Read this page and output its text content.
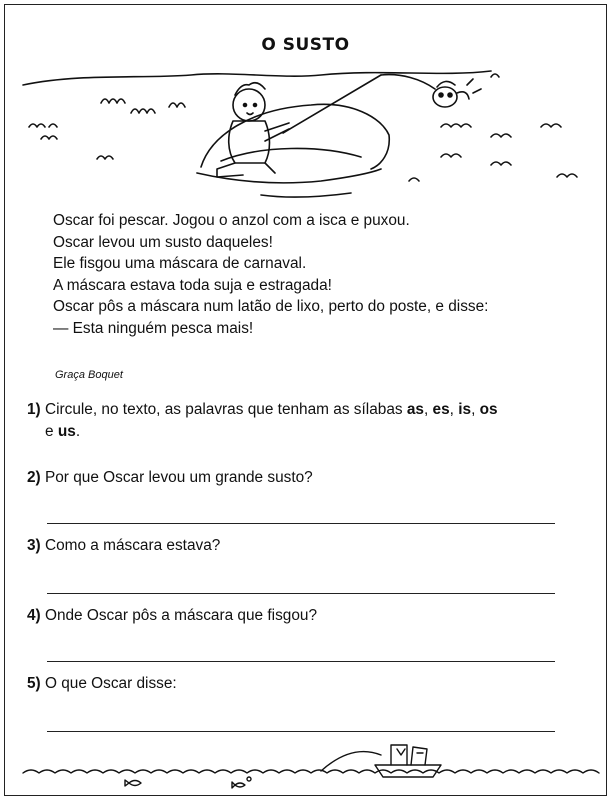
O SUSTO
Oscar foi pescar. Jogou o anzol com a isca e puxou.
Oscar levou um susto daqueles!
Ele fisgou uma máscara de carnaval.
A máscara estava toda suja e estragada!
Oscar pôs a máscara num latão de lixo, perto do poste, e disse:
— Esta ninguém pesca mais!
Graça Boquet
1) Circule, no texto, as palavras que tenham as sílabas as, es, is, os
e us.
2) Por que Oscar levou um grande susto?
3) Como a máscara estava?
4) Onde Oscar pôs a máscara que fisgou?
5) O que Oscar disse:
